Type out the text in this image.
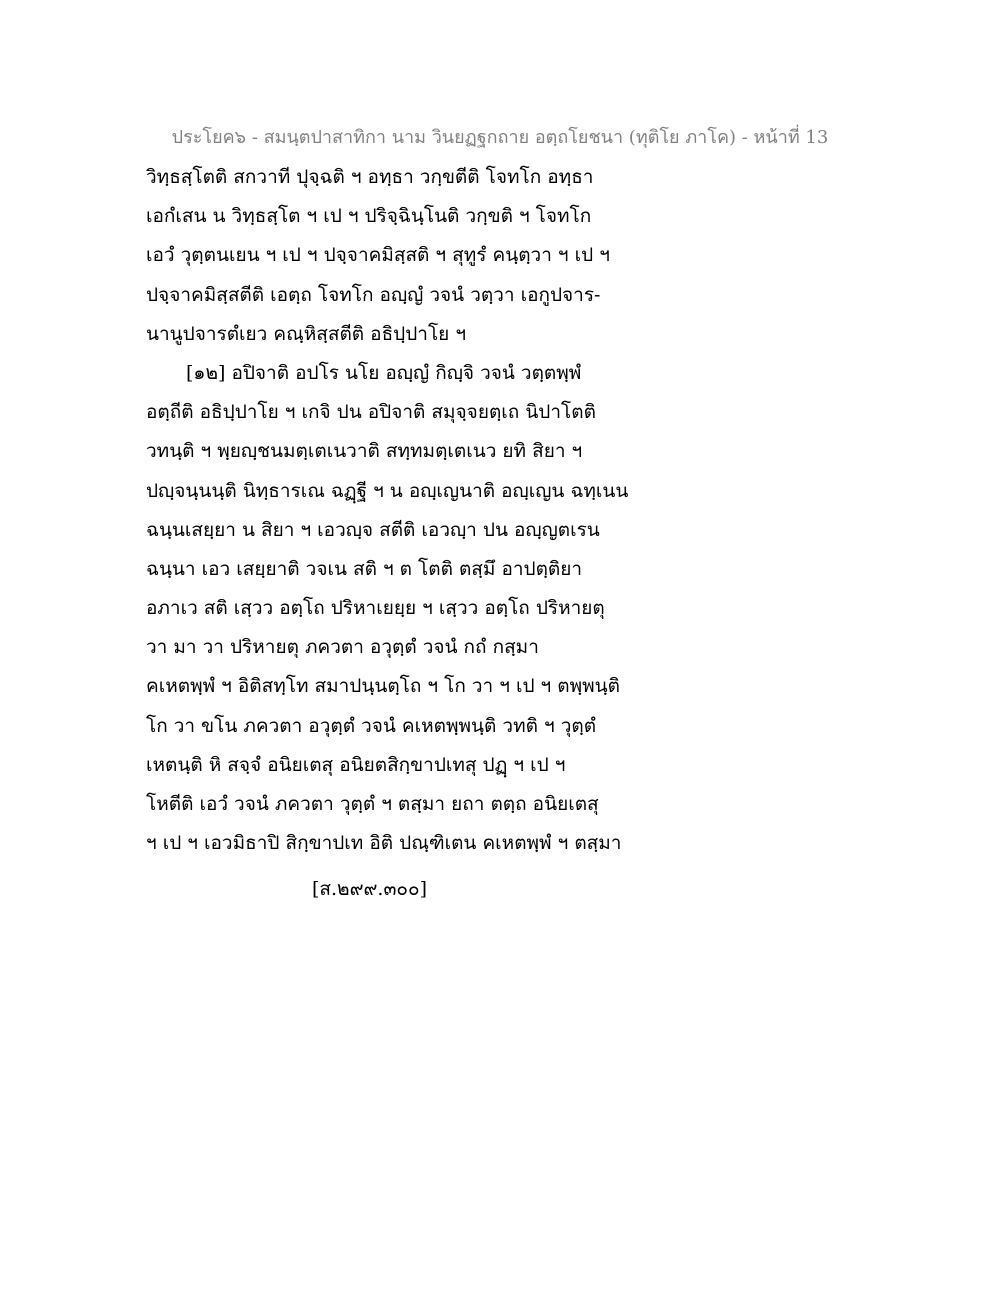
ประโยค๖ - สมนฺตปาสาทิกา นาม วินยฏฐกถาย อตฺถโยชนา (ทุติโย ภาโค) - หน้าที่ 13
วิทฺธสฺโตติ สกวาที ปุจฺฉติ ฯ อทฺธา วกฺขตีติ โจทโก อทฺธา
เอกํเสน น วิทฺธสฺโต ฯ เป ฯ ปริจฺฉินฺโนติ วกฺขติ ฯ โจทโก
เอวํ วุตฺตนเยน ฯ เป ฯ ปจฺจาคมิสฺสติ ฯ สุทูรํ คนฺตฺวา ฯ เป ฯ
ปจฺจาคมิสฺสตีติ เอตฺถ โจทโก อญฺญํ วจนํ วตฺวา เอกูปจาร-
นานูปจารตํเยว คณฺหิสฺสตีติ อธิปฺปาโย ฯ
[๑๒] อปิจาติ อปโร นโย อญฺญํ กิญฺจิ วจนํ วตฺตพฺพํ
อตฺถีติ อธิปฺปาโย ฯ เกจิ ปน อปิจาติ สมุจฺจยตฺเถ นิปาโตติ
วทนฺติ ฯ พฺยญฺชนมตฺเตเนวาติ สทฺทมตฺเตเนว ยทิ สิยา ฯ
ปญฺจนฺนนฺติ นิทฺธารเณ ฉฏฺฐี ฯ น อญฺเญนาติ อญฺเญน ฉทฺเนน
ฉนฺนเสยฺยา น สิยา ฯ เอวญฺจ สตีติ เอวญฺา ปน อญฺญตเรน
ฉนฺนา เอว เสยฺยาติ วจเน สติ ฯ ต โตติ ตสฺมึ อาปตฺติยา
อภาเว สติ เสฺวว อตฺโถ ปริหาเยยฺย ฯ เสฺวว อตฺโถ ปริหายตุ
วา มา วา ปริหายตุ ภควตา อวุตฺตํ วจนํ กถํ กสฺมา
คเหตพฺพํ ฯ อิติสทฺโท สมาปนฺนตฺโถ ฯ โก วา ฯ เป ฯ ตพฺพนฺติ
โก วา ขโน ภควตา อวุตฺตํ วจนํ คเหตพฺพนฺติ วทติ ฯ วุตฺตํ
เหตนฺติ หิ สจฺจํ อนิยเตสุ อนิยตสิกฺขาปเทสุ ปฏฺ ฯ เป ฯ
โหตีติ เอวํ วจนํ ภควตา วุตฺตํ ฯ ตสฺมา ยถา ตตฺถ อนิยเตสุ
ฯ เป ฯ เอวมิธาปิ สิกฺขาปเท อิติ ปณฺฑิเตน คเหตพฺพํ ฯ ตสฺมา
[ส.๒๙๙.๓๐๐]
